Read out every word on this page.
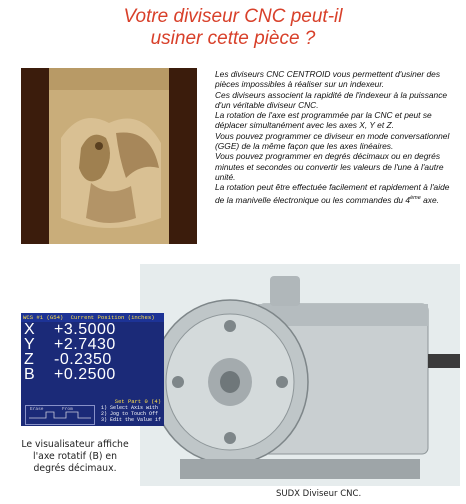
Votre diviseur CNC peut-il
usiner cette pièce ?

Les diviseurs CNC CENTROID vous permettent d'usiner des pièces impossibles à réaliser sur un indexeur.

Ces diviseurs associent la rapidité de l'indexeur à la puissance d'un véritable diviseur CNC.

La rotation de l'axe est programmée par la CNC et peut se déplacer simultanément avec les axes X, Y et Z.

Vous pouvez programmer ce diviseur en mode conversationnel (GGE) de la même façon que les axes linéaires.

Vous pouvez programmer en degrés décimaux ou en degrés minutes et secondes ou convertir les valeurs de l'une à l'autre unité.

La rotation peut être effectuée facilement et rapidement à l'aide de la manivelle électronique ou les commandes du 4ème axe.

WCS #1 (G54) Current Position (inches)
X	+3.5000
Y	+2.7430
Z	-0.2350
B	+0.2500
Set Part 0 (4)
Erase	From	1) Select Axis with
2) Jog to Touch Off
3) Edit the Value if
Le visualisateur affiche
l'axe rotatif (B) en
degrés décimaux.
SUDX Diviseur CNC.
